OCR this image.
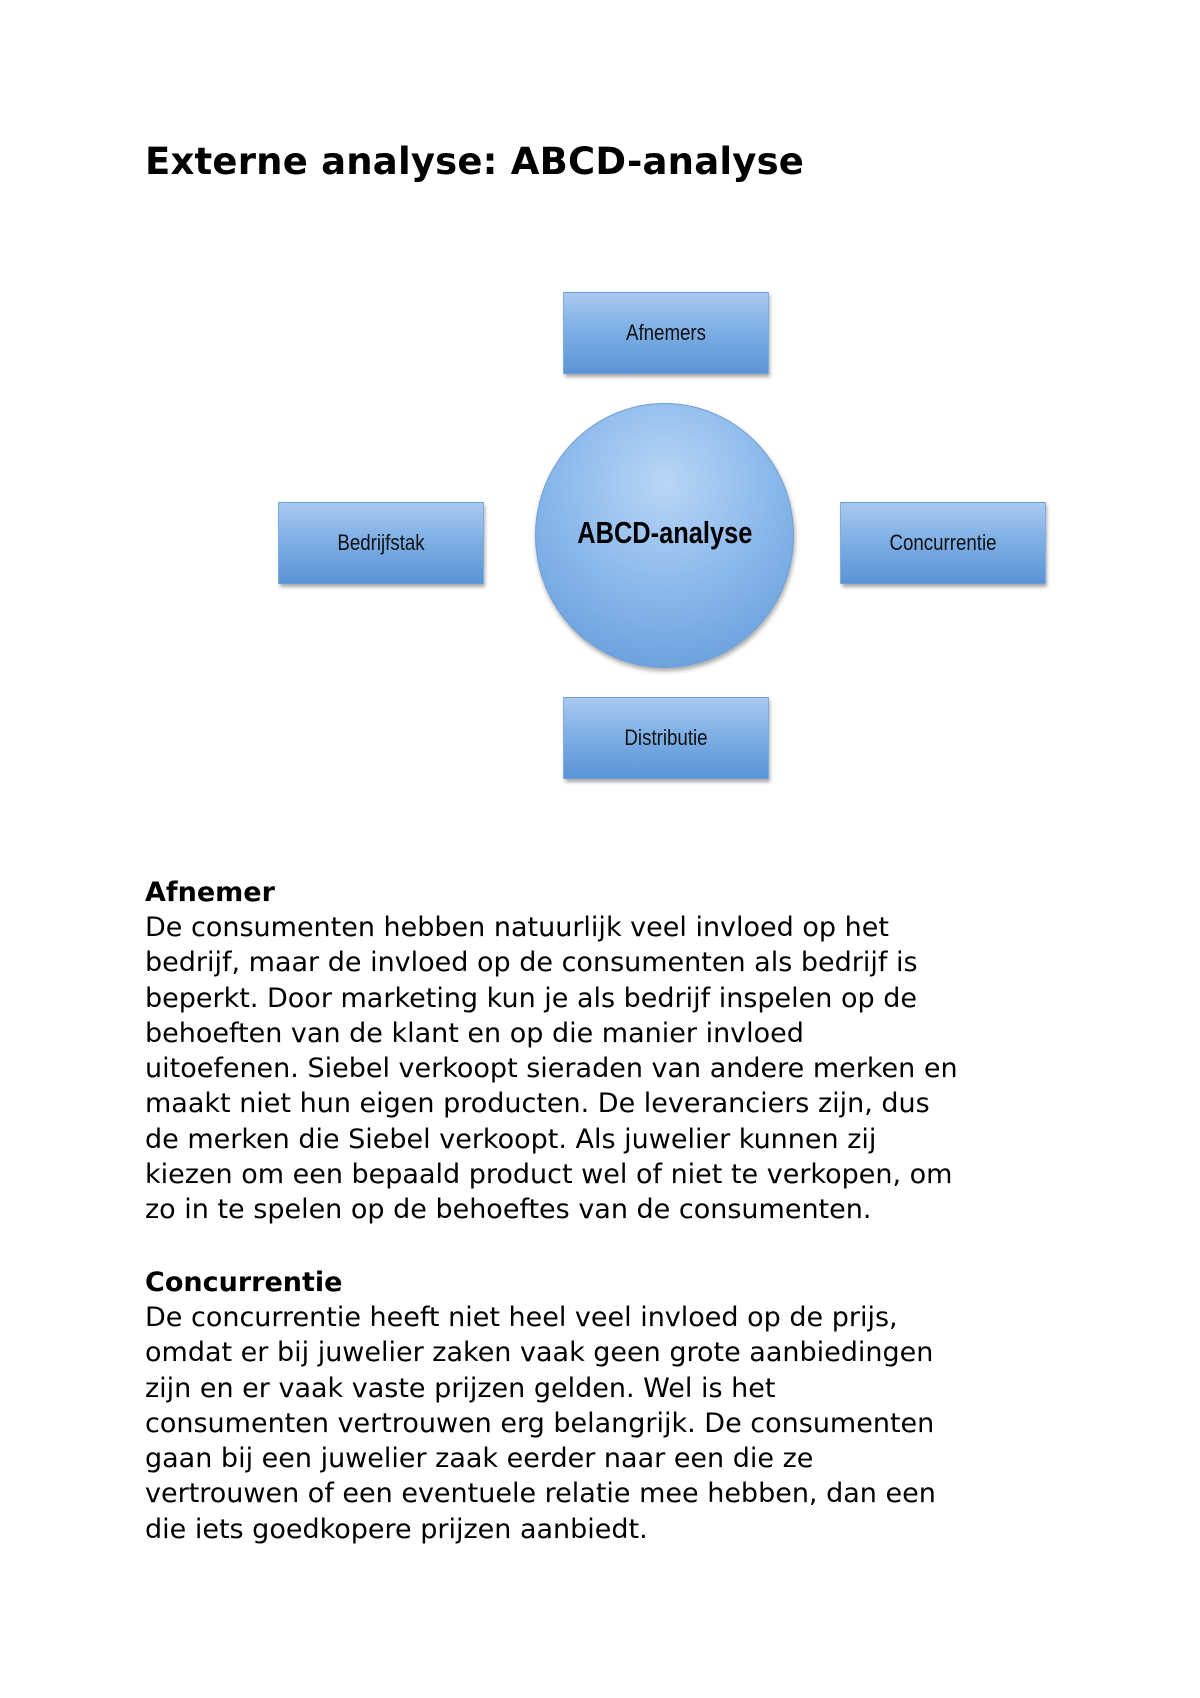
Externe analyse: ABCD-analyse
Afnemers
Bedrijfstak	Concurrentie
Distributie
ABCD-analyse
Afnemer

De consumenten hebben natuurlijk veel invloed op het
bedrijf, maar de invloed op de consumenten als bedrijf is
beperkt. Door marketing kun je als bedrijf inspelen op de
behoeften van de klant en op die manier invloed
uitoefenen. Siebel verkoopt sieraden van andere merken en
maakt niet hun eigen producten. De leveranciers zijn, dus
de merken die Siebel verkoopt. Als juwelier kunnen zij
kiezen om een bepaald product wel of niet te verkopen, om
zo in te spelen op de behoeftes van de consumenten.

Concurrentie

De concurrentie heeft niet heel veel invloed op de prijs,
omdat er bij juwelier zaken vaak geen grote aanbiedingen
zijn en er vaak vaste prijzen gelden. Wel is het
consumenten vertrouwen erg belangrijk. De consumenten
gaan bij een juwelier zaak eerder naar een die ze
vertrouwen of een eventuele relatie mee hebben, dan een
die iets goedkopere prijzen aanbiedt.
